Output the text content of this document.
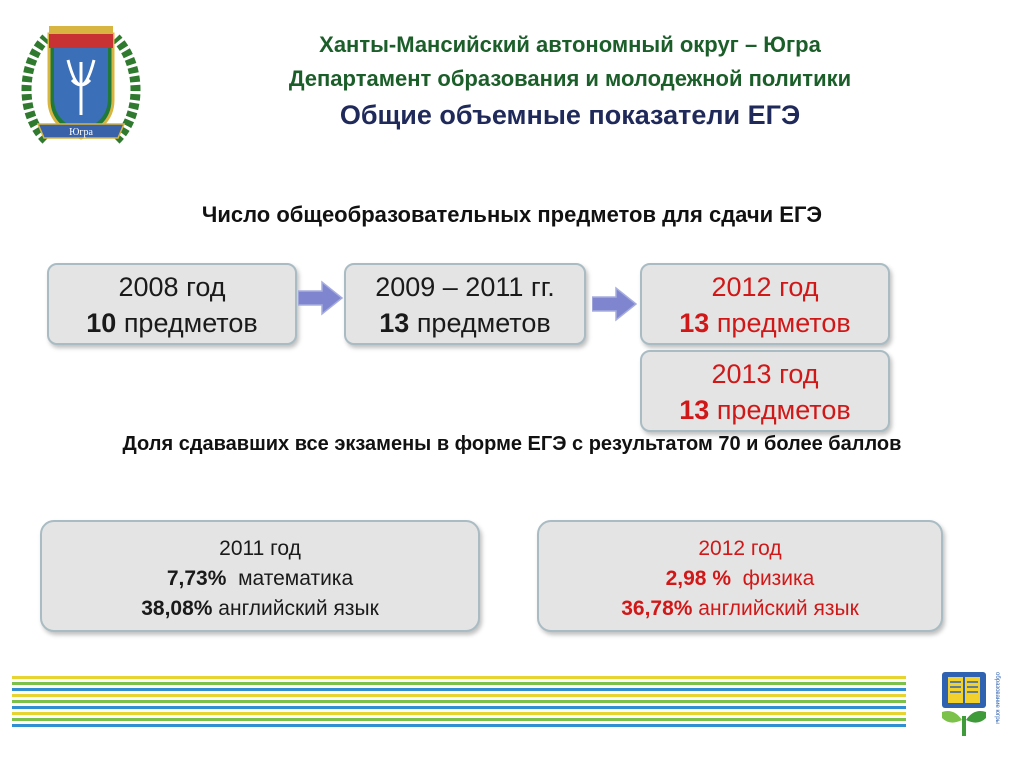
Югра
Ханты-Мансийский автономный округ – Югра
Департамент образования и молодежной политики
Общие объемные показатели ЕГЭ
Число общеобразовательных предметов для сдачи ЕГЭ
2008 год
10 предметов
2009 – 2011 гг.
13 предметов
2012 год
13 предметов
2013 год
13 предметов
Доля сдававших все экзамены в форме ЕГЭ с результатом 70 и более баллов
2011 год
7,73%  математика
38,08% английский язык
2012 год
2,98 %  физика
36,78% английский язык
образование югры
